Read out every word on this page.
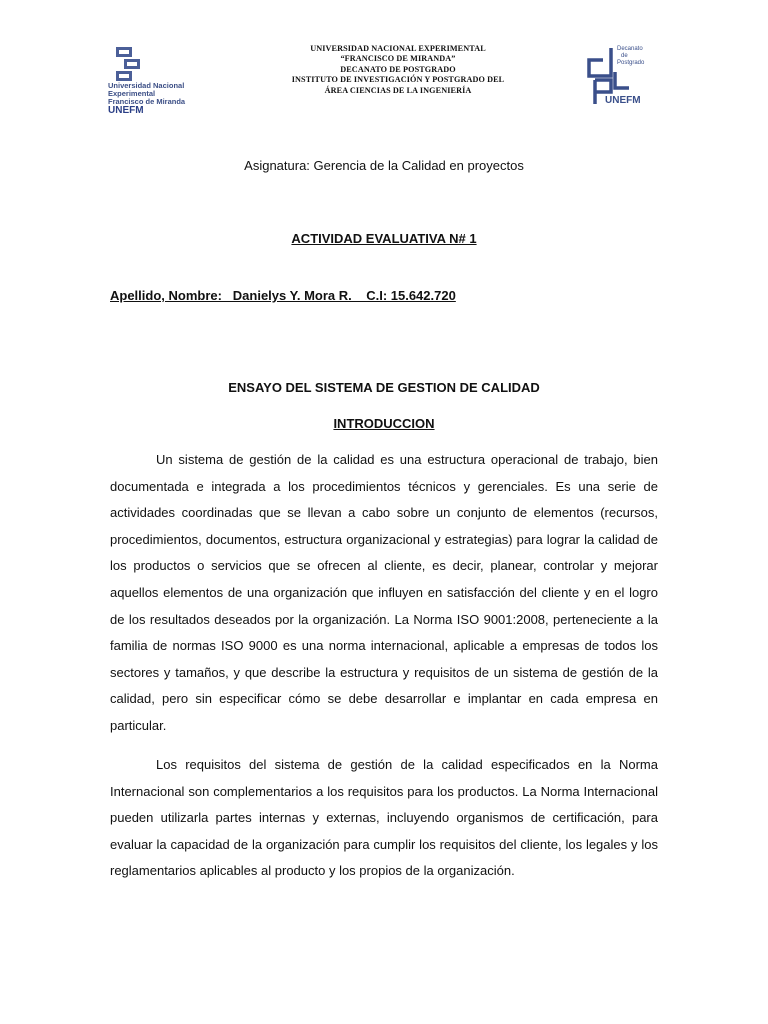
Universidad Nacional
Experimental
Francisco de Miranda
UNEFM
UNIVERSIDAD NACIONAL EXPERIMENTAL
“FRANCISCO DE MIRANDA”
DECANATO DE POSTGRADO
INSTITUTO DE INVESTIGACIÓN Y POSTGRADO DEL
ÁREA CIENCIAS DE LA INGENIERÍA
Decanato
de
Postgrado
UNEFM
Asignatura: Gerencia de la Calidad en proyectos
ACTIVIDAD EVALUATIVA N# 1
Apellido, Nombre:   Danielys Y. Mora R.    C.I: 15.642.720
ENSAYO DEL SISTEMA DE GESTION DE CALIDAD
INTRODUCCION

Un sistema de gestión de la calidad es una estructura operacional de trabajo, bien documentada e integrada a los procedimientos técnicos y gerenciales. Es una serie de actividades coordinadas que se llevan a cabo sobre un conjunto de elementos (recursos, procedimientos, documentos, estructura organizacional y estrategias) para lograr la calidad de los productos o servicios que se ofrecen al cliente, es decir, planear, controlar y mejorar aquellos elementos de una organización que influyen en satisfacción del cliente y en el logro de los resultados deseados por la organización. La Norma ISO 9001:2008, perteneciente a la familia de normas ISO 9000 es una norma internacional, aplicable a empresas de todos los sectores y tamaños, y que describe la estructura y requisitos de un sistema de gestión de la calidad, pero sin especificar cómo se debe desarrollar e implantar en cada empresa en particular.

Los requisitos del sistema de gestión de la calidad especificados en la Norma Internacional son complementarios a los requisitos para los productos. La Norma Internacional pueden utilizarla partes internas y externas, incluyendo organismos de certificación, para evaluar la capacidad de la organización para cumplir los requisitos del cliente, los legales y los reglamentarios aplicables al producto y los propios de la organización.
